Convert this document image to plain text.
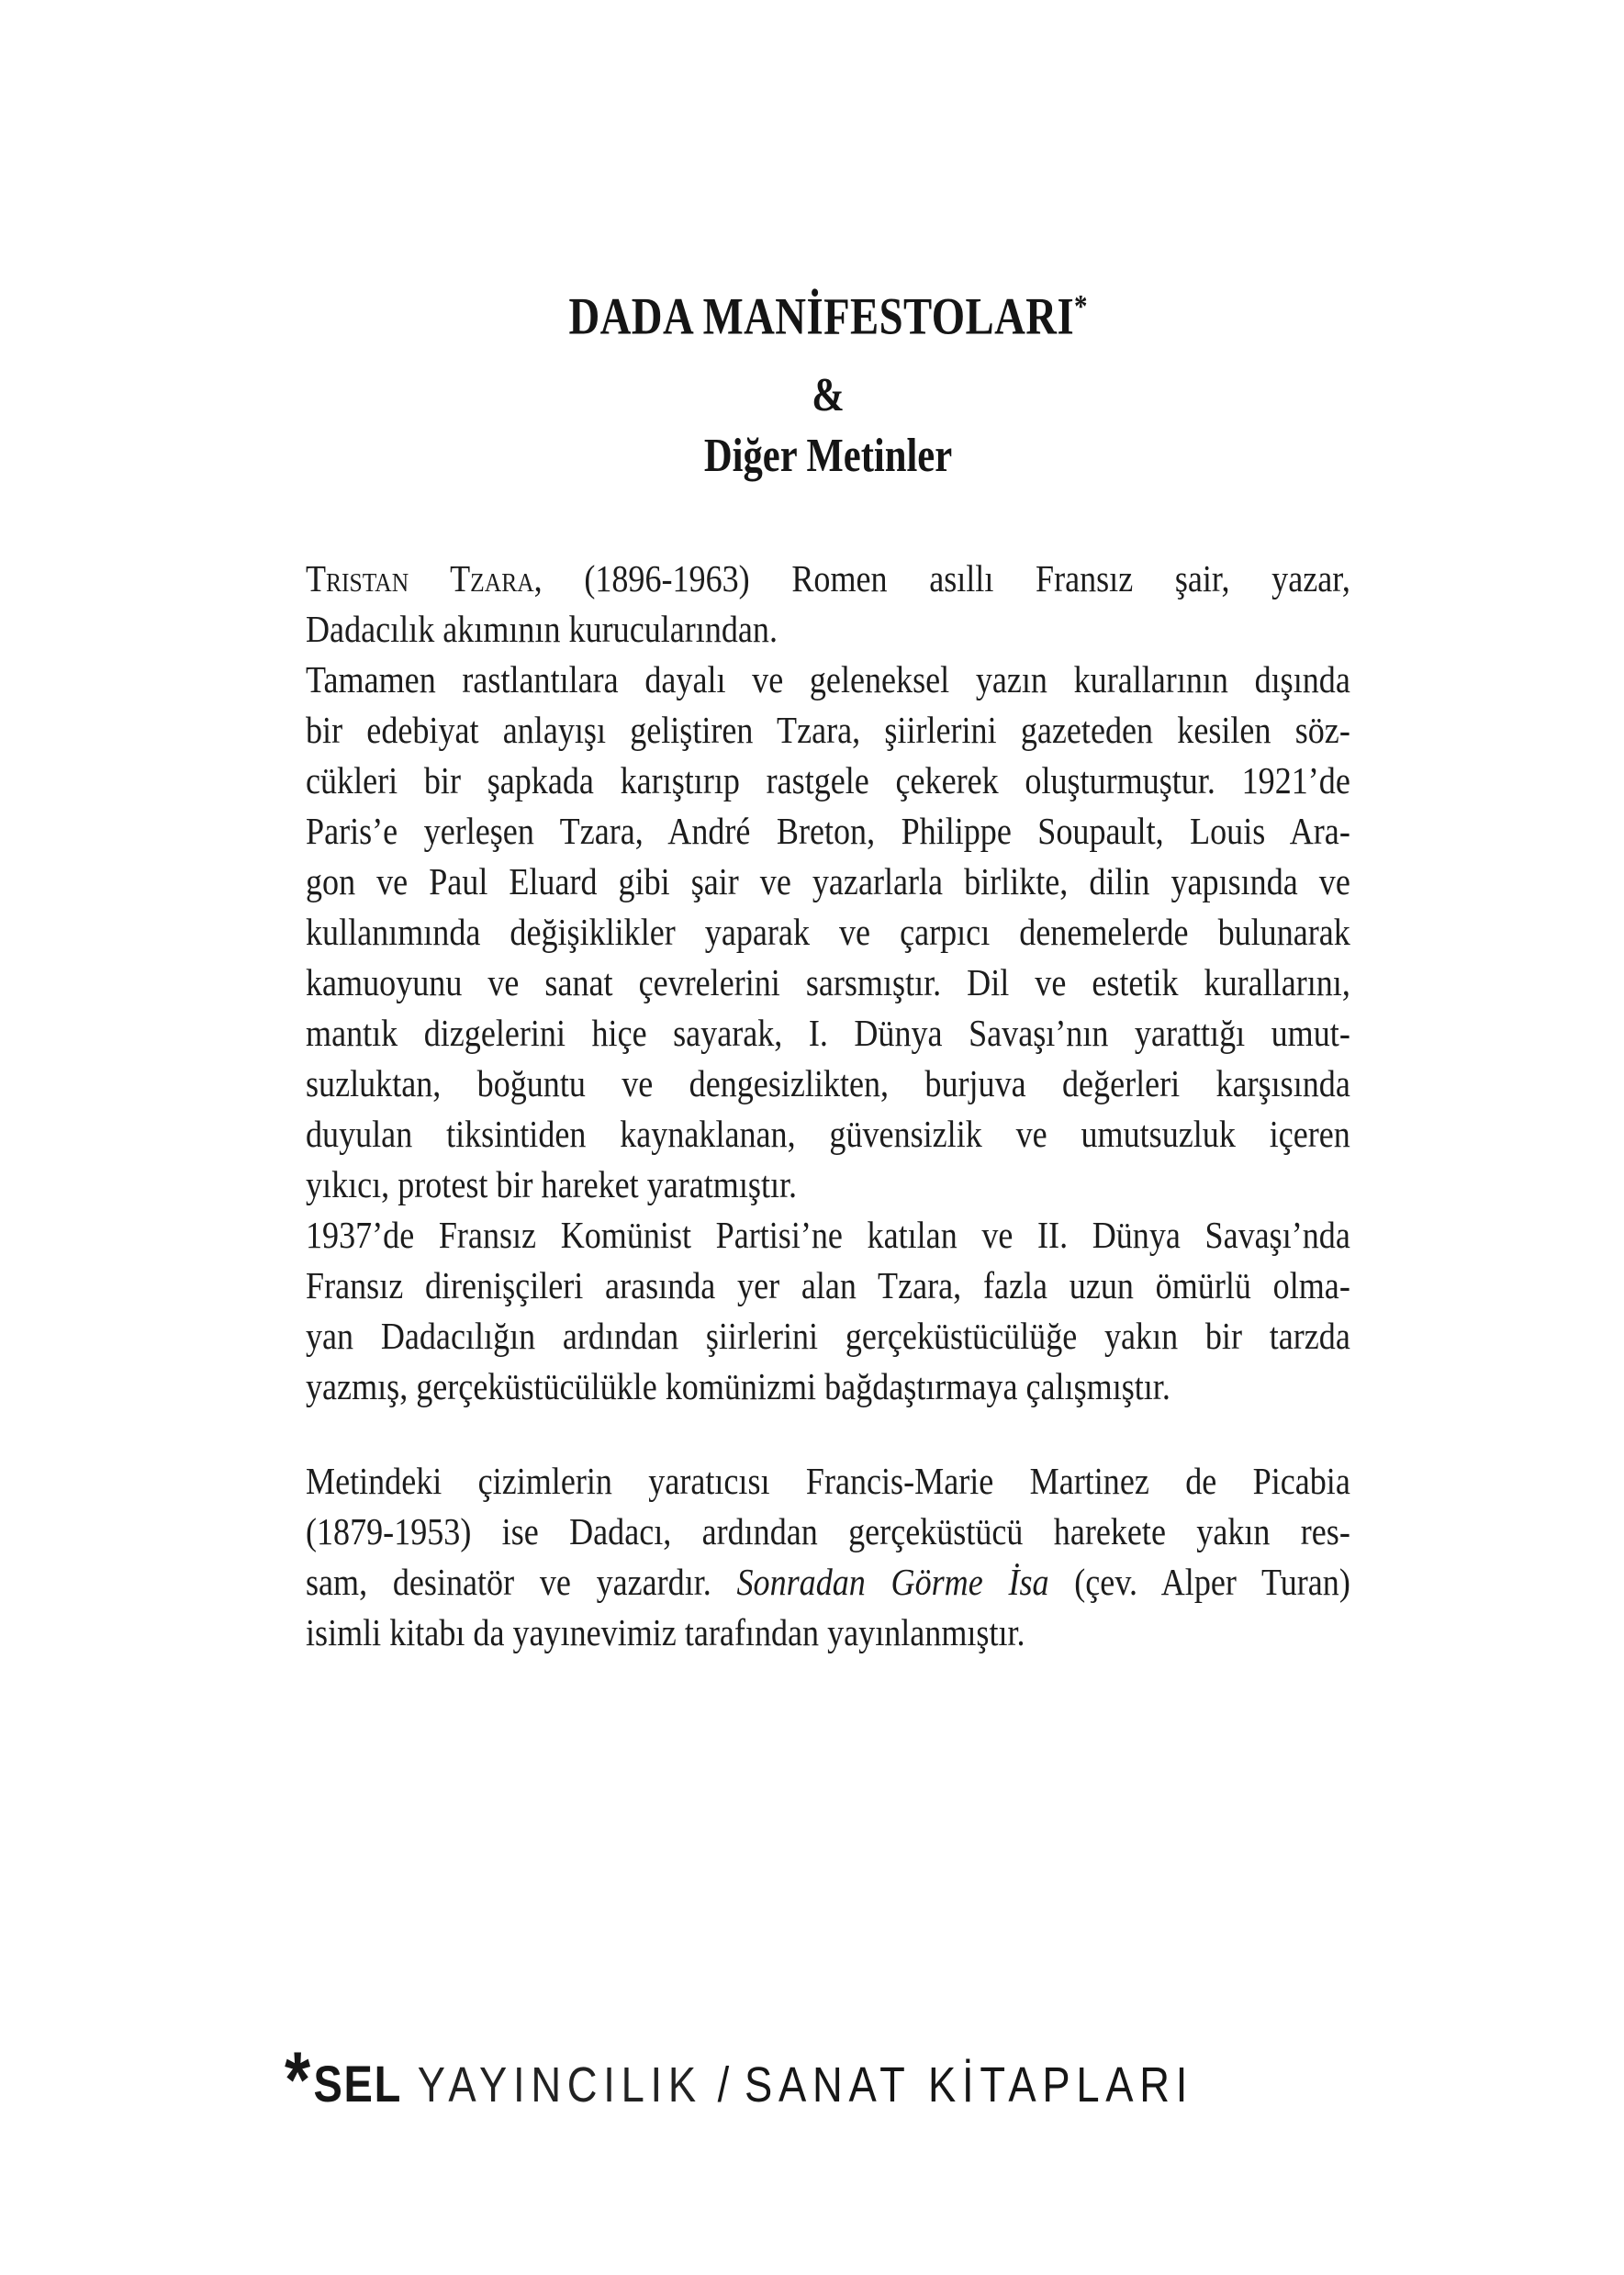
DADA MANİFESTOLARI*
&
Diğer Metinler
Tristan Tzara, (1896-1963) Romen asıllı Fransız şair, yazar,
Dadacılık akımının kurucularından.
Tamamen rastlantılara dayalı ve geleneksel yazın kurallarının dışında
bir edebiyat anlayışı geliştiren Tzara, şiirlerini gazeteden kesilen söz-
cükleri bir şapkada karıştırıp rastgele çekerek oluşturmuştur. 1921’de
Paris’e yerleşen Tzara, André Breton, Philippe Soupault, Louis Ara-
gon ve Paul Eluard gibi şair ve yazarlarla birlikte, dilin yapısında ve
kullanımında değişiklikler yaparak ve çarpıcı denemelerde bulunarak
kamuoyunu ve sanat çevrelerini sarsmıştır. Dil ve estetik kurallarını,
mantık dizgelerini hiçe sayarak, I. Dünya Savaşı’nın yarattığı umut-
suzluktan, boğuntu ve dengesizlikten, burjuva değerleri karşısında
duyulan tiksintiden kaynaklanan, güvensizlik ve umutsuzluk içeren
yıkıcı, protest bir hareket yaratmıştır.
1937’de Fransız Komünist Partisi’ne katılan ve II. Dünya Savaşı’nda
Fransız direnişçileri arasında yer alan Tzara, fazla uzun ömürlü olma-
yan Dadacılığın ardından şiirlerini gerçeküstücülüğe yakın bir tarzda
yazmış, gerçeküstücülükle komünizmi bağdaştırmaya çalışmıştır.
Metindeki çizimlerin yaratıcısı Francis-Marie Martinez de Picabia
(1879-1953) ise Dadacı, ardından gerçeküstücü harekete yakın res-
sam, desinatör ve yazardır. Sonradan Görme İsa (çev. Alper Turan)
isimli kitabı da yayınevimiz tarafından yayınlanmıştır.
* SEL YAYINCILIK / SANAT KİTAPLARI
